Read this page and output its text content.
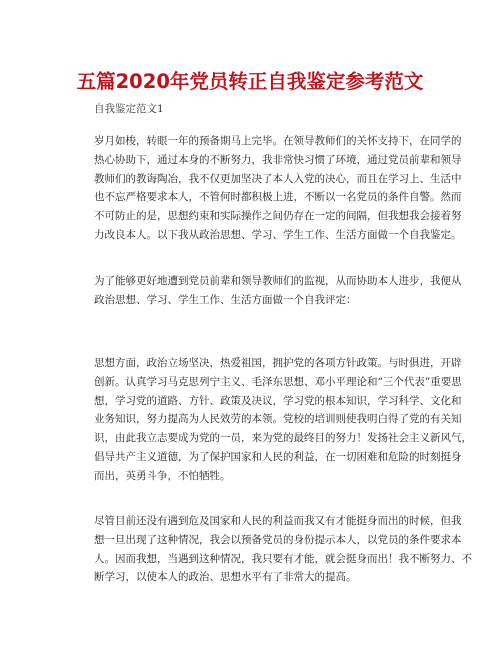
五篇2020年党员转正自我鉴定参考范文
自我鉴定范文1
岁月如梭，转眼一年的预备期马上完毕。在领导教师们的关怀支持下，在同学的
热心协助下，通过本身的不断努力，我非常快习惯了环境，通过党员前辈和领导
教师们的教诲陶冶，我不仅更加坚决了本人入党的决心，而且在学习上、生活中
也不忘严格要求本人，不管何时都积极上进，不断以一名党员的条件自警。然而
不可防止的是，思想约束和实际操作之间仍存在一定的间隔，但我想我会接着努
力改良本人。以下我从政治思想、学习、学生工作、生活方面做一个自我鉴定。
为了能够更好地遭到党员前辈和领导教师们的监视，从而协助本人进步，我便从
政治思想、学习、学生工作、生活方面做一个自我评定：
思想方面，政治立场坚决，热爱祖国，拥护党的各项方针政策。与时俱进，开辟
创新。认真学习马克思列宁主义、毛泽东思想、邓小平理论和“三个代表”重要思
想，学习党的道路、方针、政策及决议，学习党的根本知识，学习科学、文化和
业务知识，努力提高为人民效劳的本领。党校的培训则使我明白得了党的有关知
识，由此我立志要成为党的一员，来为党的最终目的努力！发扬社会主义新风气，
倡导共产主义道德，为了保护国家和人民的利益，在一切困难和危险的时刻挺身
而出，英勇斗争，不怕牺牲。
尽管目前还没有遇到危及国家和人民的利益而我又有才能挺身而出的时候，但我
想一旦出现了这种情况，我会以预备党员的身份提示本人，以党员的条件要求本
人。因而我想，当遇到这种情况，我只要有才能，就会挺身而出！我不断努力、不
断学习，以使本人的政治、思想水平有了非常大的提高。
